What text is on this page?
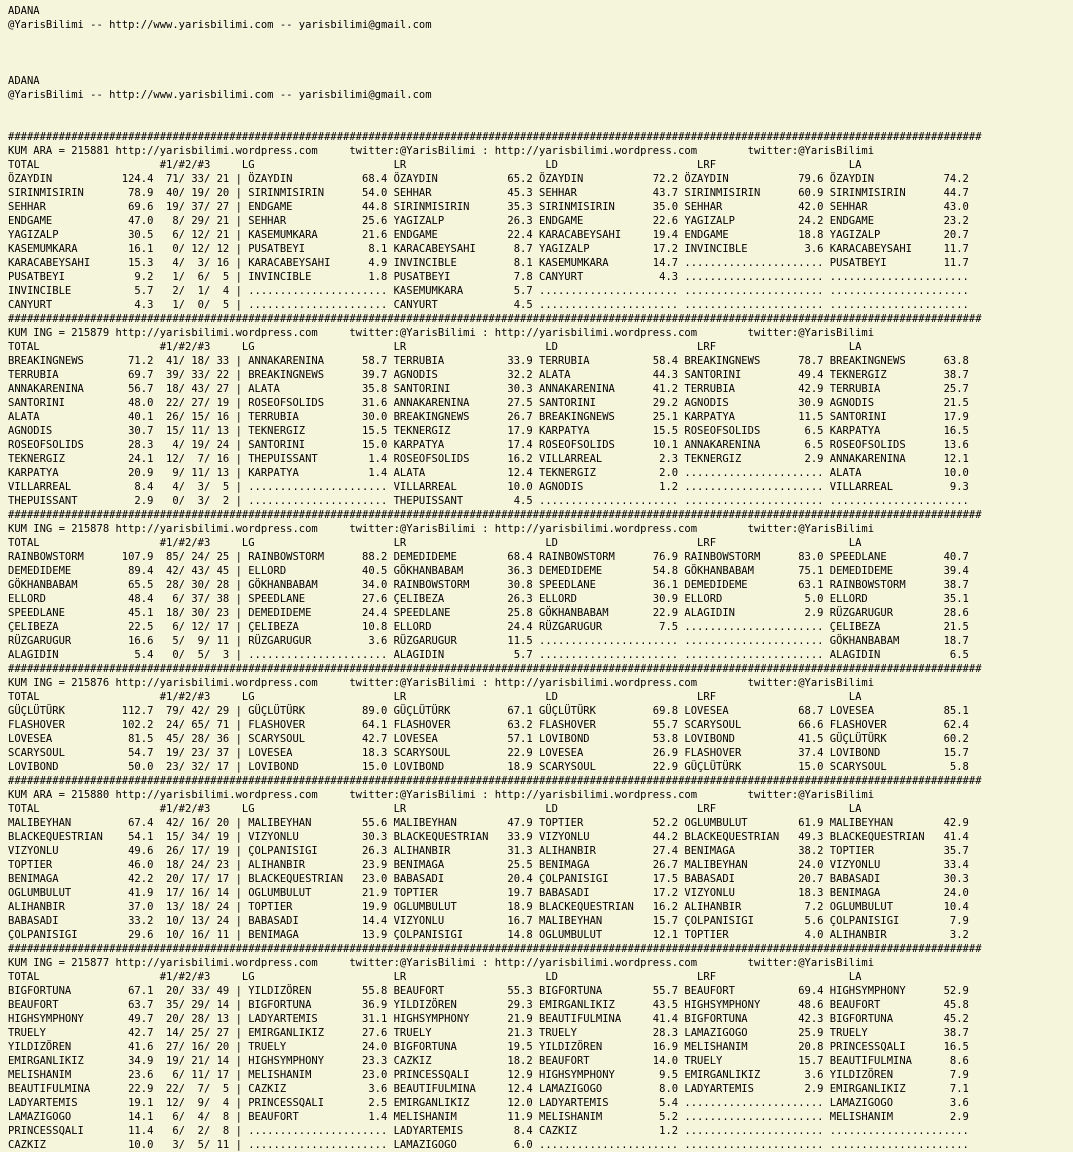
ADANA
@YarisBilimi -- http://www.yarisbilimi.com -- yarisbilimi@gmail.com

ADANA
@YarisBilimi -- http://www.yarisbilimi.com -- yarisbilimi@gmail.com

##########################################################################################################################################################
KUM ARA = 215881 http://yarisbilimi.wordpress.com     twitter:@YarisBilimi : http://yarisbilimi.wordpress.com        twitter:@YarisBilimi
TOTAL                   #1/#2/#3     LG                      LR                      LD                      LRF                     LA
ÖZAYDIN           124.4  71/ 33/ 21 | ÖZAYDIN           68.4 ÖZAYDIN           65.2 ÖZAYDIN           72.2 ÖZAYDIN           79.6 ÖZAYDIN           74.2
SIRINMISIRIN       78.9  40/ 19/ 20 | SIRINMISIRIN      54.0 SEHHAR            45.3 SEHHAR            43.7 SIRINMISIRIN      60.9 SIRINMISIRIN      44.7
SEHHAR             69.6  19/ 37/ 27 | ENDGAME           44.8 SIRINMISIRIN      35.3 SIRINMISIRIN      35.0 SEHHAR            42.0 SEHHAR            43.0
ENDGAME            47.0   8/ 29/ 21 | SEHHAR            25.6 YAGIZALP          26.3 ENDGAME           22.6 YAGIZALP          24.2 ENDGAME           23.2
YAGIZALP           30.5   6/ 12/ 21 | KASEMUMKARA       21.6 ENDGAME           22.4 KARACABEYSAHI     19.4 ENDGAME           18.8 YAGIZALP          20.7
KASEMUMKARA        16.1   0/ 12/ 12 | PUSATBEYI          8.1 KARACABEYSAHI      8.7 YAGIZALP          17.2 INVINCIBLE         3.6 KARACABEYSAHI     11.7
KARACABEYSAHI      15.3   4/  3/ 16 | KARACABEYSAHI      4.9 INVINCIBLE         8.1 KASEMUMKARA       14.7 ...................... PUSATBEYI         11.7
PUSATBEYI           9.2   1/  6/  5 | INVINCIBLE         1.8 PUSATBEYI          7.8 CANYURT            4.3 ...................... ......................
INVINCIBLE          5.7   2/  1/  4 | ...................... KASEMUMKARA        5.7 ...................... ...................... ......................
CANYURT             4.3   1/  0/  5 | ...................... CANYURT            4.5 ...................... ...................... ......................
##########################################################################################################################################################
KUM ING = 215879 http://yarisbilimi.wordpress.com     twitter:@YarisBilimi : http://yarisbilimi.wordpress.com        twitter:@YarisBilimi
TOTAL                   #1/#2/#3     LG                      LR                      LD                      LRF                     LA
BREAKINGNEWS       71.2  41/ 18/ 33 | ANNAKARENINA      58.7 TERRUBIA          33.9 TERRUBIA          58.4 BREAKINGNEWS      78.7 BREAKINGNEWS      63.8
TERRUBIA           69.7  39/ 33/ 22 | BREAKINGNEWS      39.7 AGNODIS           32.2 ALATA             44.3 SANTORINI         49.4 TEKNERGIZ         38.7
ANNAKARENINA       56.7  18/ 43/ 27 | ALATA             35.8 SANTORINI         30.3 ANNAKARENINA      41.2 TERRUBIA          42.9 TERRUBIA          25.7
SANTORINI          48.0  22/ 27/ 19 | ROSEOFSOLIDS      31.6 ANNAKARENINA      27.5 SANTORINI         29.2 AGNODIS           30.9 AGNODIS           21.5
ALATA              40.1  26/ 15/ 16 | TERRUBIA          30.0 BREAKINGNEWS      26.7 BREAKINGNEWS      25.1 KARPATYA          11.5 SANTORINI         17.9
AGNODIS            30.7  15/ 11/ 13 | TEKNERGIZ         15.5 TEKNERGIZ         17.9 KARPATYA          15.5 ROSEOFSOLIDS       6.5 KARPATYA          16.5
ROSEOFSOLIDS       28.3   4/ 19/ 24 | SANTORINI         15.0 KARPATYA          17.4 ROSEOFSOLIDS      10.1 ANNAKARENINA       6.5 ROSEOFSOLIDS      13.6
TEKNERGIZ          24.1  12/  7/ 16 | THEPUISSANT        1.4 ROSEOFSOLIDS      16.2 VILLARREAL         2.3 TEKNERGIZ          2.9 ANNAKARENINA      12.1
KARPATYA           20.9   9/ 11/ 13 | KARPATYA           1.4 ALATA             12.4 TEKNERGIZ          2.0 ...................... ALATA             10.0
VILLARREAL          8.4   4/  3/  5 | ...................... VILLARREAL        10.0 AGNODIS            1.2 ...................... VILLARREAL         9.3
THEPUISSANT         2.9   0/  3/  2 | ...................... THEPUISSANT        4.5 ...................... ...................... ......................
##########################################################################################################################################################
KUM ING = 215878 http://yarisbilimi.wordpress.com     twitter:@YarisBilimi : http://yarisbilimi.wordpress.com        twitter:@YarisBilimi
TOTAL                   #1/#2/#3     LG                      LR                      LD                      LRF                     LA
RAINBOWSTORM      107.9  85/ 24/ 25 | RAINBOWSTORM      88.2 DEMEDIDEME        68.4 RAINBOWSTORM      76.9 RAINBOWSTORM      83.0 SPEEDLANE         40.7
DEMEDIDEME         89.4  42/ 43/ 45 | ELLORD            40.5 GÖKHANBABAM       36.3 DEMEDIDEME        54.8 GÖKHANBABAM       75.1 DEMEDIDEME        39.4
GÖKHANBABAM        65.5  28/ 30/ 28 | GÖKHANBABAM       34.0 RAINBOWSTORM      30.8 SPEEDLANE         36.1 DEMEDIDEME        63.1 RAINBOWSTORM      38.7
ELLORD             48.4   6/ 37/ 38 | SPEEDLANE         27.6 ÇELIBEZA          26.3 ELLORD            30.9 ELLORD             5.0 ELLORD            35.1
SPEEDLANE          45.1  18/ 30/ 23 | DEMEDIDEME        24.4 SPEEDLANE         25.8 GÖKHANBABAM       22.9 ALAGIDIN           2.9 RÜZGARUGUR        28.6
ÇELIBEZA           22.5   6/ 12/ 17 | ÇELIBEZA          10.8 ELLORD            24.4 RÜZGARUGUR         7.5 ...................... ÇELIBEZA          21.5
RÜZGARUGUR         16.6   5/  9/ 11 | RÜZGARUGUR         3.6 RÜZGARUGUR        11.5 ...................... ...................... GÖKHANBABAM       18.7
ALAGIDIN            5.4   0/  5/  3 | ...................... ALAGIDIN           5.7 ...................... ...................... ALAGIDIN           6.5
##########################################################################################################################################################
KUM ING = 215876 http://yarisbilimi.wordpress.com     twitter:@YarisBilimi : http://yarisbilimi.wordpress.com        twitter:@YarisBilimi
TOTAL                   #1/#2/#3     LG                      LR                      LD                      LRF                     LA
GÜÇLÜTÜRK         112.7  79/ 42/ 29 | GÜÇLÜTÜRK         89.0 GÜÇLÜTÜRK         67.1 GÜÇLÜTÜRK         69.8 LOVESEA           68.7 LOVESEA           85.1
FLASHOVER         102.2  24/ 65/ 71 | FLASHOVER         64.1 FLASHOVER         63.2 FLASHOVER         55.7 SCARYSOUL         66.6 FLASHOVER         62.4
LOVESEA            81.5  45/ 28/ 36 | SCARYSOUL         42.7 LOVESEA           57.1 LOVIBOND          53.8 LOVIBOND          41.5 GÜÇLÜTÜRK         60.2
SCARYSOUL          54.7  19/ 23/ 37 | LOVESEA           18.3 SCARYSOUL         22.9 LOVESEA           26.9 FLASHOVER         37.4 LOVIBOND          15.7
LOVIBOND           50.0  23/ 32/ 17 | LOVIBOND          15.0 LOVIBOND          18.9 SCARYSOUL         22.9 GÜÇLÜTÜRK         15.0 SCARYSOUL          5.8
##########################################################################################################################################################
KUM ARA = 215880 http://yarisbilimi.wordpress.com     twitter:@YarisBilimi : http://yarisbilimi.wordpress.com        twitter:@YarisBilimi
TOTAL                   #1/#2/#3     LG                      LR                      LD                      LRF                     LA
MALIBEYHAN         67.4  42/ 16/ 20 | MALIBEYHAN        55.6 MALIBEYHAN        47.9 TOPTIER           52.2 OGLUMBULUT        61.9 MALIBEYHAN        42.9
BLACKEQUESTRIAN    54.1  15/ 34/ 19 | VIZYONLU          30.3 BLACKEQUESTRIAN   33.9 VIZYONLU          44.2 BLACKEQUESTRIAN   49.3 BLACKEQUESTRIAN   41.4
VIZYONLU           49.6  26/ 17/ 19 | ÇOLPANISIGI       26.3 ALIHANBIR         31.3 ALIHANBIR         27.4 BENIMAGA          38.2 TOPTIER           35.7
TOPTIER            46.0  18/ 24/ 23 | ALIHANBIR         23.9 BENIMAGA          25.5 BENIMAGA          26.7 MALIBEYHAN        24.0 VIZYONLU          33.4
BENIMAGA           42.2  20/ 17/ 17 | BLACKEQUESTRIAN   23.0 BABASADI          20.4 ÇOLPANISIGI       17.5 BABASADI          20.7 BABASADI          30.3
OGLUMBULUT         41.9  17/ 16/ 14 | OGLUMBULUT        21.9 TOPTIER           19.7 BABASADI          17.2 VIZYONLU          18.3 BENIMAGA          24.0
ALIHANBIR          37.0  13/ 18/ 24 | TOPTIER           19.9 OGLUMBULUT        18.9 BLACKEQUESTRIAN   16.2 ALIHANBIR          7.2 OGLUMBULUT        10.4
BABASADI           33.2  10/ 13/ 24 | BABASADI          14.4 VIZYONLU          16.7 MALIBEYHAN        15.7 ÇOLPANISIGI        5.6 ÇOLPANISIGI        7.9
ÇOLPANISIGI        29.6  10/ 16/ 11 | BENIMAGA          13.9 ÇOLPANISIGI       14.8 OGLUMBULUT        12.1 TOPTIER            4.0 ALIHANBIR          3.2
##########################################################################################################################################################
KUM ING = 215877 http://yarisbilimi.wordpress.com     twitter:@YarisBilimi : http://yarisbilimi.wordpress.com        twitter:@YarisBilimi
TOTAL                   #1/#2/#3     LG                      LR                      LD                      LRF                     LA
BIGFORTUNA         67.1  20/ 33/ 49 | YILDIZÖREN        55.8 BEAUFORT          55.3 BIGFORTUNA        55.7 BEAUFORT          69.4 HIGHSYMPHONY      52.9
BEAUFORT           63.7  35/ 29/ 14 | BIGFORTUNA        36.9 YILDIZÖREN        29.3 EMIRGANLIKIZ      43.5 HIGHSYMPHONY      48.6 BEAUFORT          45.8
HIGHSYMPHONY       49.7  20/ 28/ 13 | LADYARTEMIS       31.1 HIGHSYMPHONY      21.9 BEAUTIFULMINA     41.4 BIGFORTUNA        42.3 BIGFORTUNA        45.2
TRUELY             42.7  14/ 25/ 27 | EMIRGANLIKIZ      27.6 TRUELY            21.3 TRUELY            28.3 LAMAZIGOGO        25.9 TRUELY            38.7
YILDIZÖREN         41.6  27/ 16/ 20 | TRUELY            24.0 BIGFORTUNA        19.5 YILDIZÖREN        16.9 MELISHANIM        20.8 PRINCESSQALI      16.5
EMIRGANLIKIZ       34.9  19/ 21/ 14 | HIGHSYMPHONY      23.3 CAZKIZ            18.2 BEAUFORT          14.0 TRUELY            15.7 BEAUTIFULMINA      8.6
MELISHANIM         23.6   6/ 11/ 17 | MELISHANIM        23.0 PRINCESSQALI      12.9 HIGHSYMPHONY       9.5 EMIRGANLIKIZ       3.6 YILDIZÖREN         7.9
BEAUTIFULMINA      22.9  22/  7/  5 | CAZKIZ             3.6 BEAUTIFULMINA     12.4 LAMAZIGOGO         8.0 LADYARTEMIS        2.9 EMIRGANLIKIZ       7.1
LADYARTEMIS        19.1  12/  9/  4 | PRINCESSQALI       2.5 EMIRGANLIKIZ      12.0 LADYARTEMIS        5.4 ...................... LAMAZIGOGO         3.6
LAMAZIGOGO         14.1   6/  4/  8 | BEAUFORT           1.4 MELISHANIM        11.9 MELISHANIM         5.2 ...................... MELISHANIM         2.9
PRINCESSQALI       11.4   6/  2/  8 | ...................... LADYARTEMIS        8.4 CAZKIZ             1.2 ...................... ......................
CAZKIZ             10.0   3/  5/ 11 | ...................... LAMAZIGOGO         6.0 ...................... ...................... ......................
